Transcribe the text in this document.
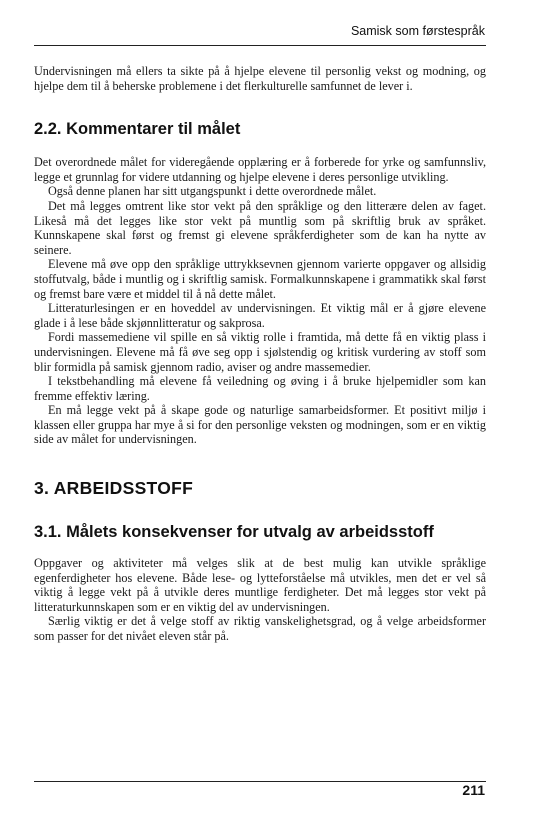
Samisk som førstespråk

Undervisningen må ellers ta sikte på å hjelpe elevene til personlig vekst og modning, og hjelpe dem til å beherske problemene i det flerkulturelle samfunnet de lever i.

2.2. Kommentarer til målet

Det overordnede målet for videregående opplæring er å forberede for yrke og samfunnsliv, legge et grunnlag for videre utdanning og hjelpe elevene i deres personlige utvikling.

Også denne planen har sitt utgangspunkt i dette overordnede målet.

Det må legges omtrent like stor vekt på den språklige og den litterære delen av faget. Likeså må det legges like stor vekt på muntlig som på skriftlig bruk av språket. Kunnskapene skal først og fremst gi elevene språkferdigheter som de kan ha nytte av seinere.

Elevene må øve opp den språklige uttrykksevnen gjennom varierte oppgaver og allsidig stoffutvalg, både i muntlig og i skriftlig samisk. Formalkunnskapene i grammatikk skal først og fremst bare være et middel til å nå dette målet.

Litteraturlesingen er en hoveddel av undervisningen. Et viktig mål er å gjøre elevene glade i å lese både skjønnlitteratur og sakprosa.

Fordi massemediene vil spille en så viktig rolle i framtida, må dette få en viktig plass i undervisningen. Elevene må få øve seg opp i sjølstendig og kritisk vurdering av stoff som blir formidla på samisk gjennom radio, aviser og andre massemedier.

I tekstbehandling må elevene få veiledning og øving i å bruke hjelpemidler som kan fremme effektiv læring.

En må legge vekt på å skape gode og naturlige samarbeidsformer. Et positivt miljø i klassen eller gruppa har mye å si for den personlige veksten og modningen, som er en viktig side av målet for undervisningen.

3. ARBEIDSSTOFF
3.1. Målets konsekvenser for utvalg av arbeidsstoff

Oppgaver og aktiviteter må velges slik at de best mulig kan utvikle språklige egenferdigheter hos elevene. Både lese- og lytteforståelse må utvikles, men det er vel så viktig å legge vekt på å utvikle deres muntlige ferdigheter. Det må legges stor vekt på litteraturkunnskapen som er en viktig del av undervisningen.

Særlig viktig er det å velge stoff av riktig vanskelighetsgrad, og å velge arbeidsformer som passer for det nivået eleven står på.

211
